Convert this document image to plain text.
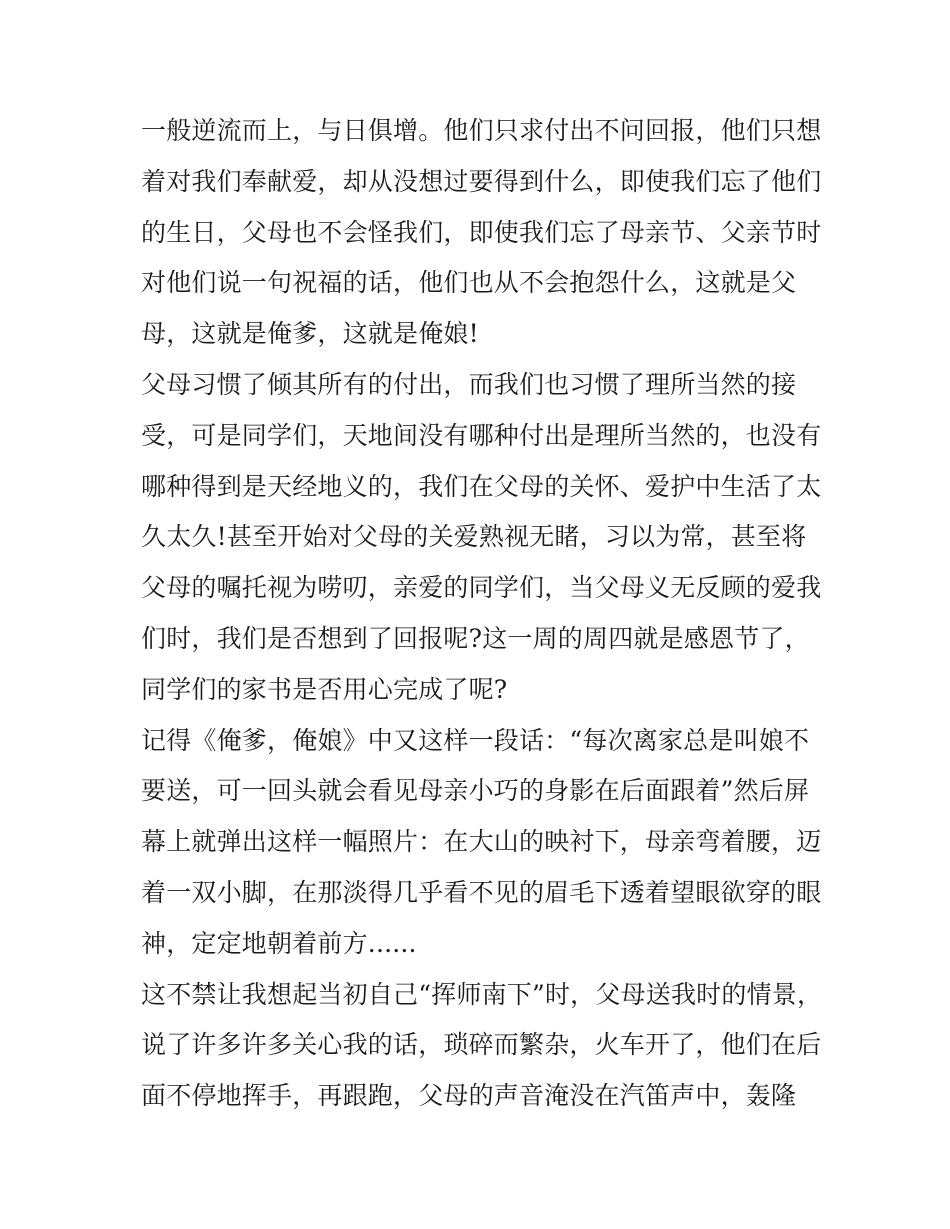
一般逆流而上，与日俱增。他们只求付出不问回报，他们只想
着对我们奉献爱，却从没想过要得到什么，即使我们忘了他们
的生日，父母也不会怪我们，即使我们忘了母亲节、父亲节时
对他们说一句祝福的话，他们也从不会抱怨什么，这就是父
母，这就是俺爹，这就是俺娘!
父母习惯了倾其所有的付出，而我们也习惯了理所当然的接
受，可是同学们，天地间没有哪种付出是理所当然的，也没有
哪种得到是天经地义的，我们在父母的关怀、爱护中生活了太
久太久!甚至开始对父母的关爱熟视无睹，习以为常，甚至将
父母的嘱托视为唠叨，亲爱的同学们，当父母义无反顾的爱我
们时，我们是否想到了回报呢?这一周的周四就是感恩节了，
同学们的家书是否用心完成了呢?
记得《俺爹，俺娘》中又这样一段话：“每次离家总是叫娘不
要送，可一回头就会看见母亲小巧的身影在后面跟着”然后屏
幕上就弹出这样一幅照片：在大山的映衬下，母亲弯着腰，迈
着一双小脚，在那淡得几乎看不见的眉毛下透着望眼欲穿的眼
神，定定地朝着前方......
这不禁让我想起当初自己“挥师南下”时，父母送我时的情景，
说了许多许多关心我的话，琐碎而繁杂，火车开了，他们在后
面不停地挥手，再跟跑，父母的声音淹没在汽笛声中，轰隆
